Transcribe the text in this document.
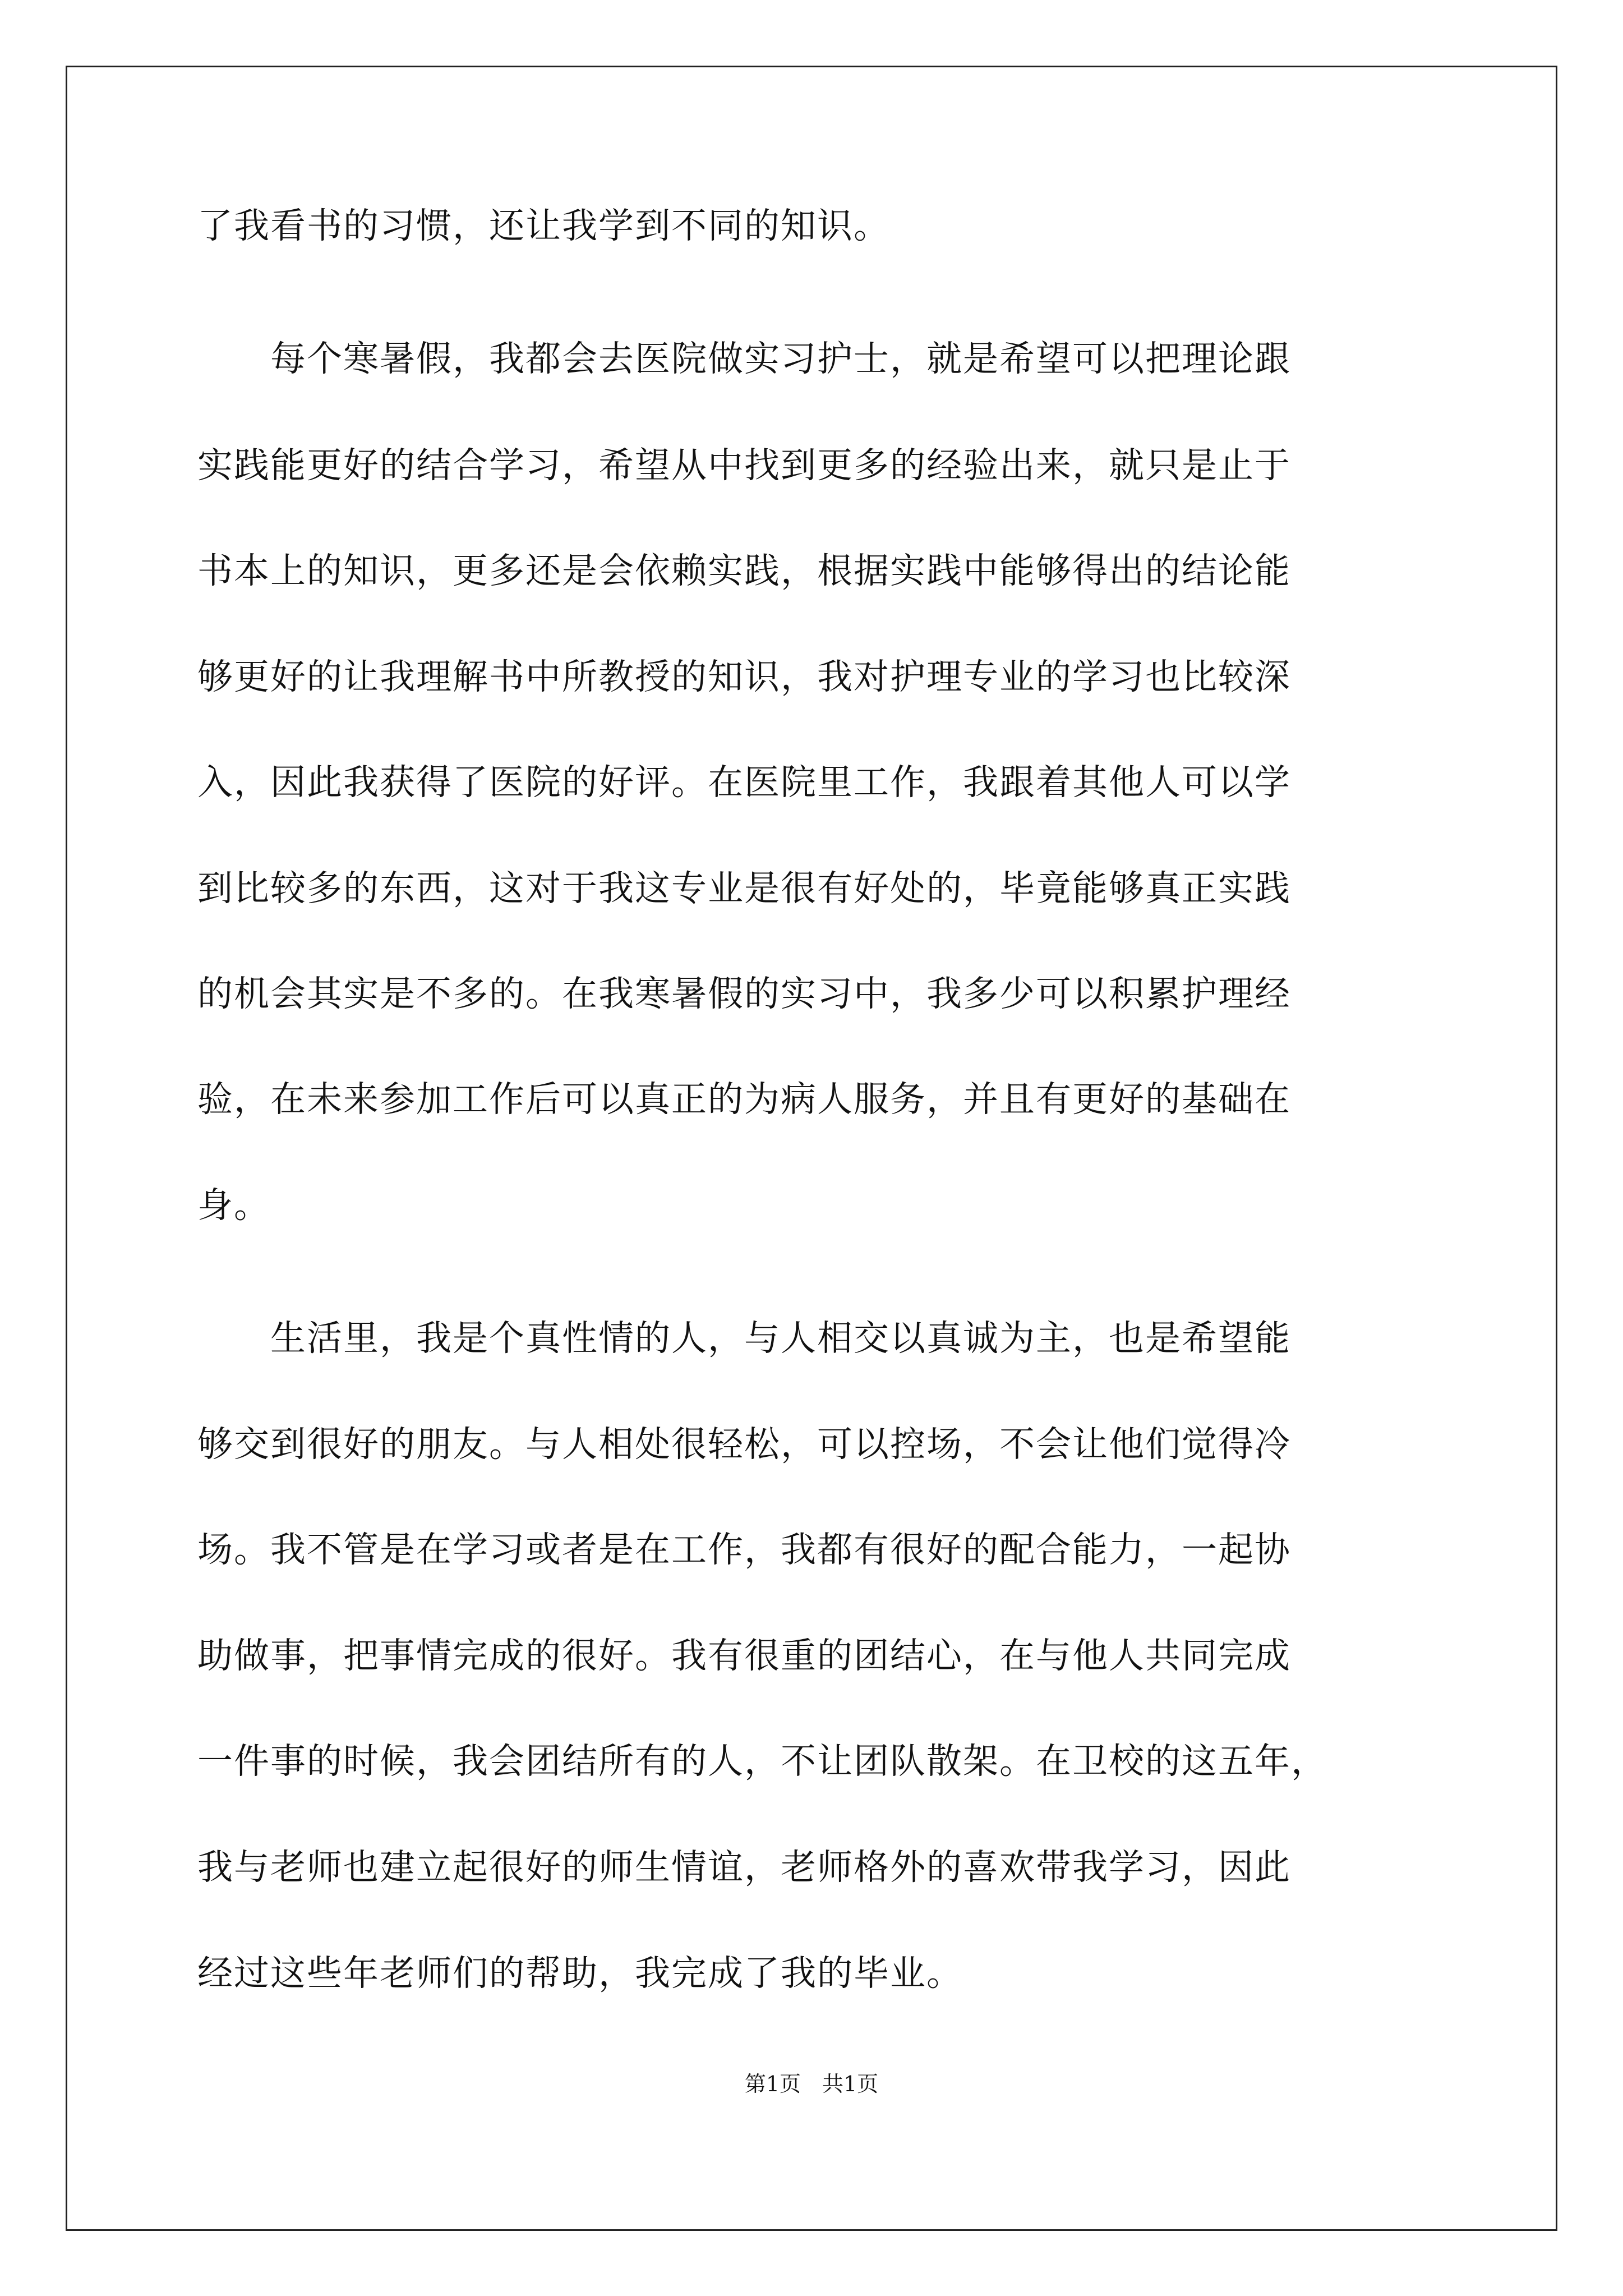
了我看书的习惯，还让我学到不同的知识。
　　每个寒暑假，我都会去医院做实习护士，就是希望可以把理论跟
实践能更好的结合学习，希望从中找到更多的经验出来，就只是止于
书本上的知识，更多还是会依赖实践，根据实践中能够得出的结论能
够更好的让我理解书中所教授的知识，我对护理专业的学习也比较深
入，因此我获得了医院的好评。在医院里工作，我跟着其他人可以学
到比较多的东西，这对于我这专业是很有好处的，毕竟能够真正实践
的机会其实是不多的。在我寒暑假的实习中，我多少可以积累护理经
验，在未来参加工作后可以真正的为病人服务，并且有更好的基础在
身。
　　生活里，我是个真性情的人，与人相交以真诚为主，也是希望能
够交到很好的朋友。与人相处很轻松，可以控场，不会让他们觉得冷
场。我不管是在学习或者是在工作，我都有很好的配合能力，一起协
助做事，把事情完成的很好。我有很重的团结心，在与他人共同完成
一件事的时候，我会团结所有的人，不让团队散架。在卫校的这五年，
我与老师也建立起很好的师生情谊，老师格外的喜欢带我学习，因此
经过这些年老师们的帮助，我完成了我的毕业。
第1页　共1页
